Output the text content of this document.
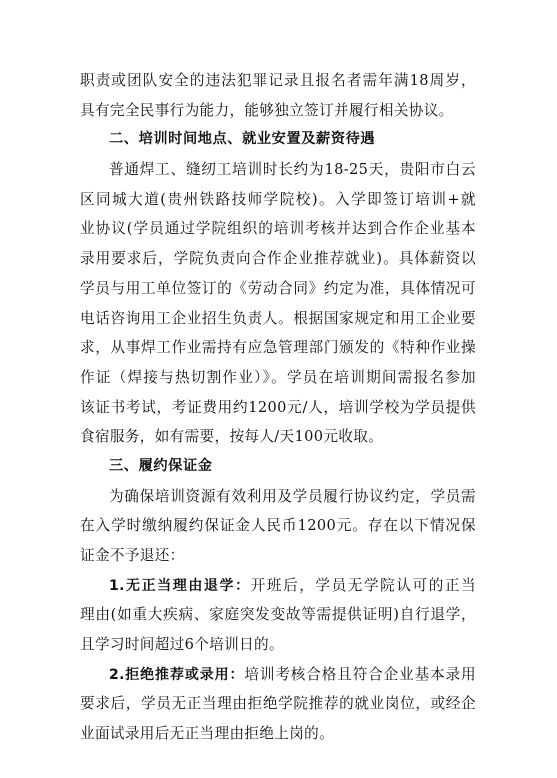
职责或团队安全的违法犯罪记录且报名者需年满18周岁，
具有完全民事行为能力，能够独立签订并履行相关协议。
二、培训时间地点、就业安置及薪资待遇
普通焊工、缝纫工培训时长约为18-25天，贵阳市白云
区同城大道(贵州铁路技师学院校)。入学即签订培训+就
业协议(学员通过学院组织的培训考核并达到合作企业基本
录用要求后，学院负责向合作企业推荐就业)。具体薪资以
学员与用工单位签订的《劳动合同》约定为准，具体情况可
电话咨询用工企业招生负责人。根据国家规定和用工企业要
求，从事焊工作业需持有应急管理部门颁发的《特种作业操
作证（焊接与热切割作业）》。学员在培训期间需报名参加
该证书考试，考证费用约1200元/人，培训学校为学员提供
食宿服务，如有需要，按每人/天100元收取。
三、履约保证金
为确保培训资源有效利用及学员履行协议约定，学员需
在入学时缴纳履约保证金人民币1200元。存在以下情况保
证金不予退还：
1.无正当理由退学：开班后，学员无学院认可的正当
理由(如重大疾病、家庭突发变故等需提供证明)自行退学，
且学习时间超过6个培训日的。
2.拒绝推荐或录用：培训考核合格且符合企业基本录用
要求后，学员无正当理由拒绝学院推荐的就业岗位，或经企
业面试录用后无正当理由拒绝上岗的。
